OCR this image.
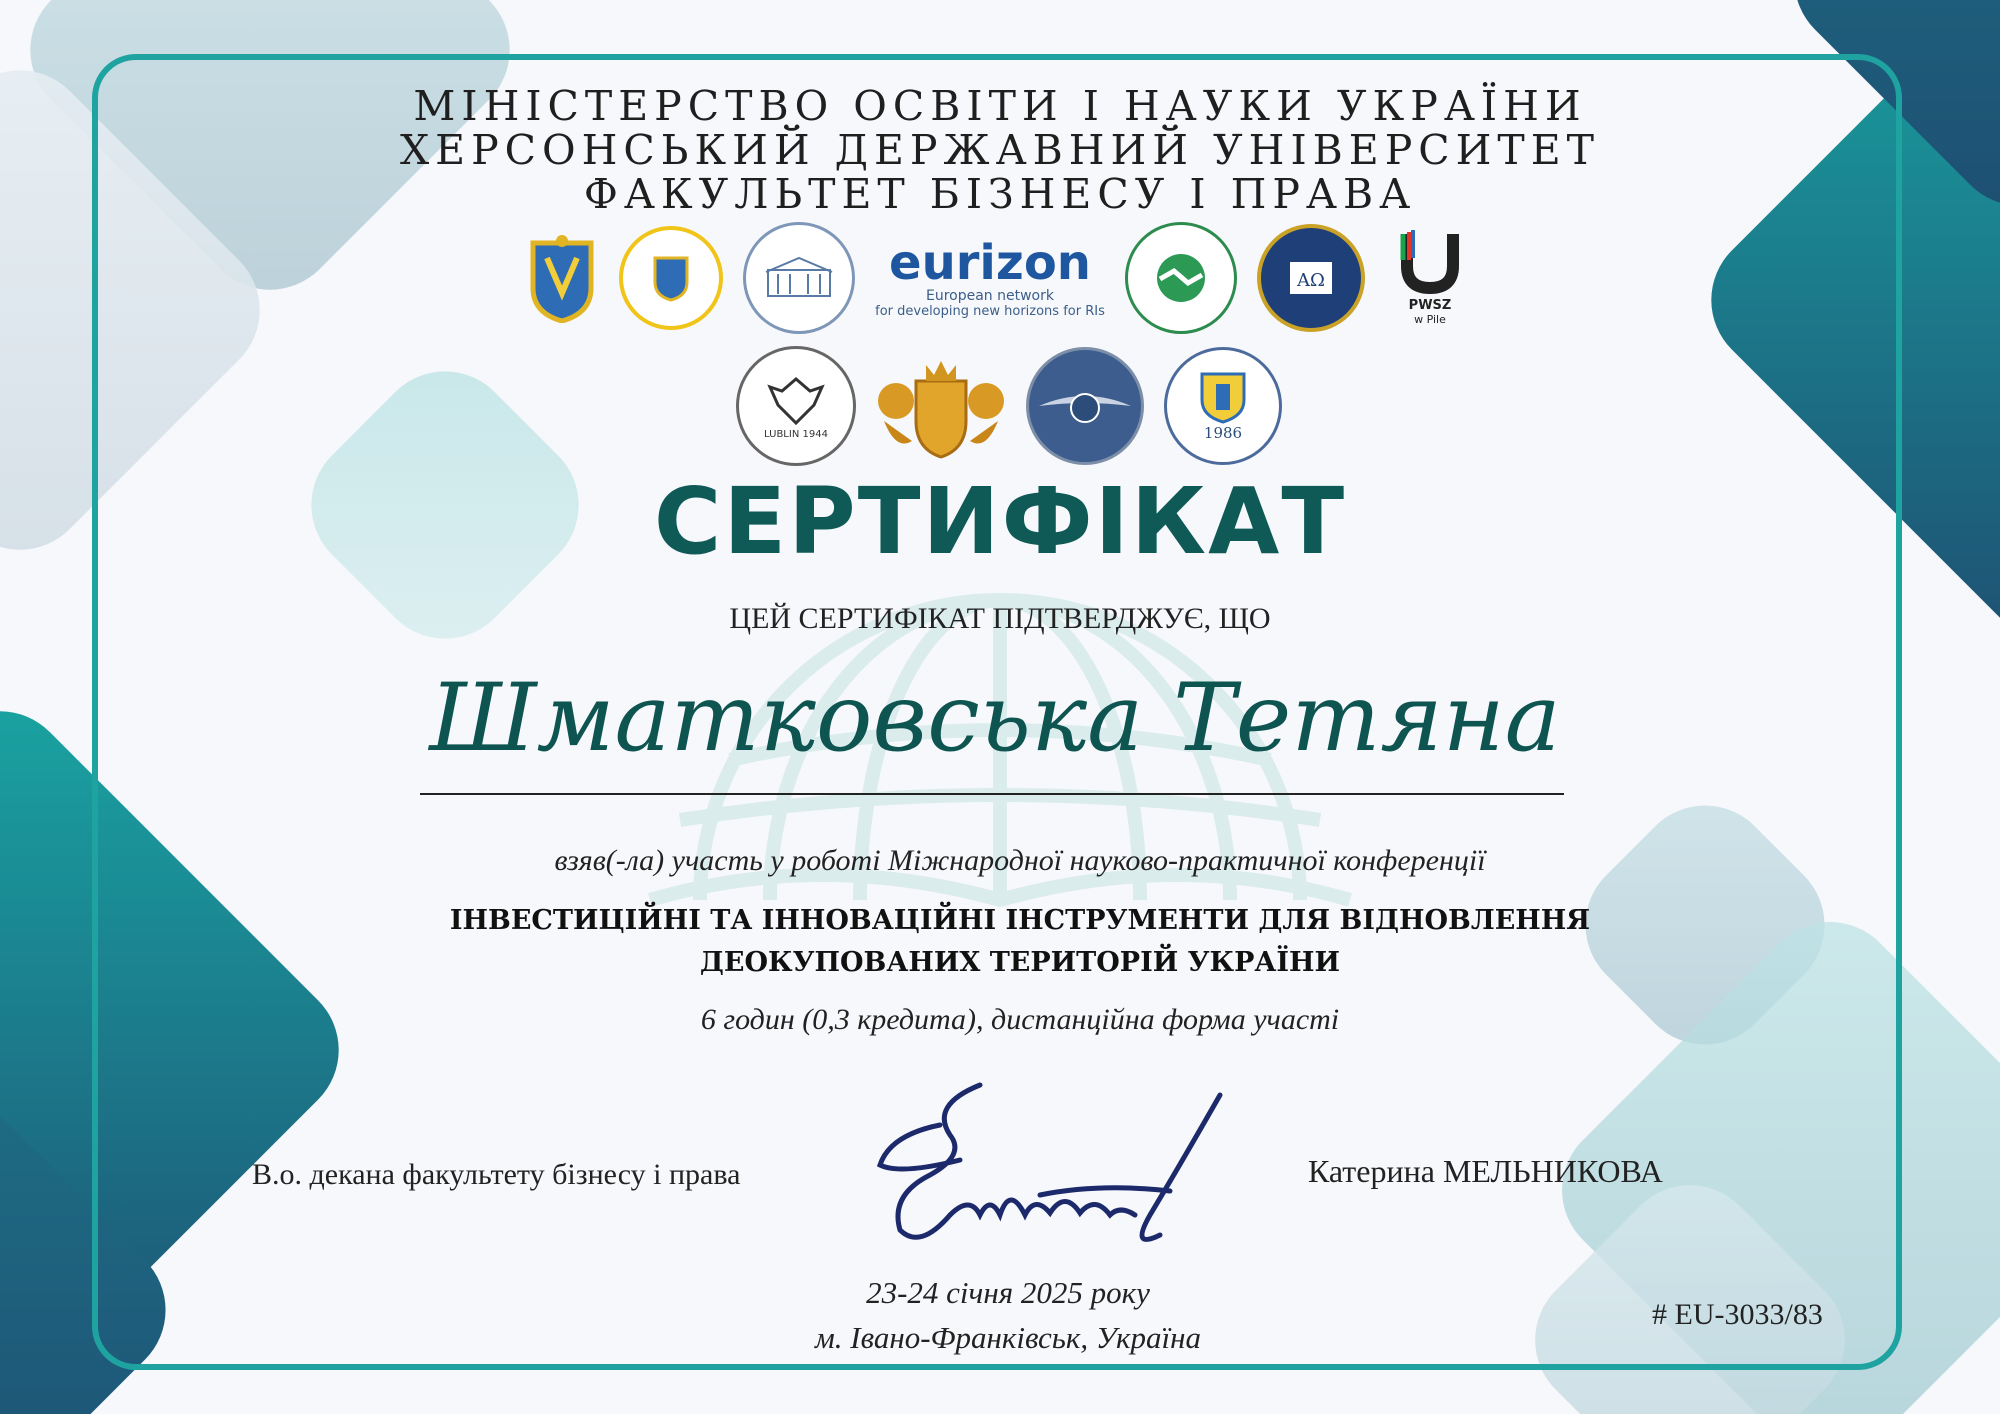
МІНІСТЕРСТВО ОСВІТИ І НАУКИ УКРАЇНИ
ХЕРСОНСЬКИЙ ДЕРЖАВНИЙ УНІВЕРСИТЕТ
ФАКУЛЬТЕТ БІЗНЕСУ І ПРАВА
eurizon
European network
for developing new horizons for RIs
ΑΩ
PWSZ
w Pile
LUBLIN 1944	1986
СЕРТИФІКАТ
ЦЕЙ СЕРТИФІКАТ ПІДТВЕРДЖУЄ, ЩО
Шматковська Тетяна
взяв(-ла) участь у роботі Міжнародної науково-практичної конференції
ІНВЕСТИЦІЙНІ ТА ІННОВАЦІЙНІ ІНСТРУМЕНТИ ДЛЯ ВІДНОВЛЕННЯ
ДЕОКУПОВАНИХ ТЕРИТОРІЙ УКРАЇНИ
6 годин (0,3 кредита), дистанційна форма участі
В.о. декана факультету бізнесу і права	Катерина МЕЛЬНИКОВА
23-24 січня 2025 року
м. Івано-Франківськ, Україна
# EU-3033/83
